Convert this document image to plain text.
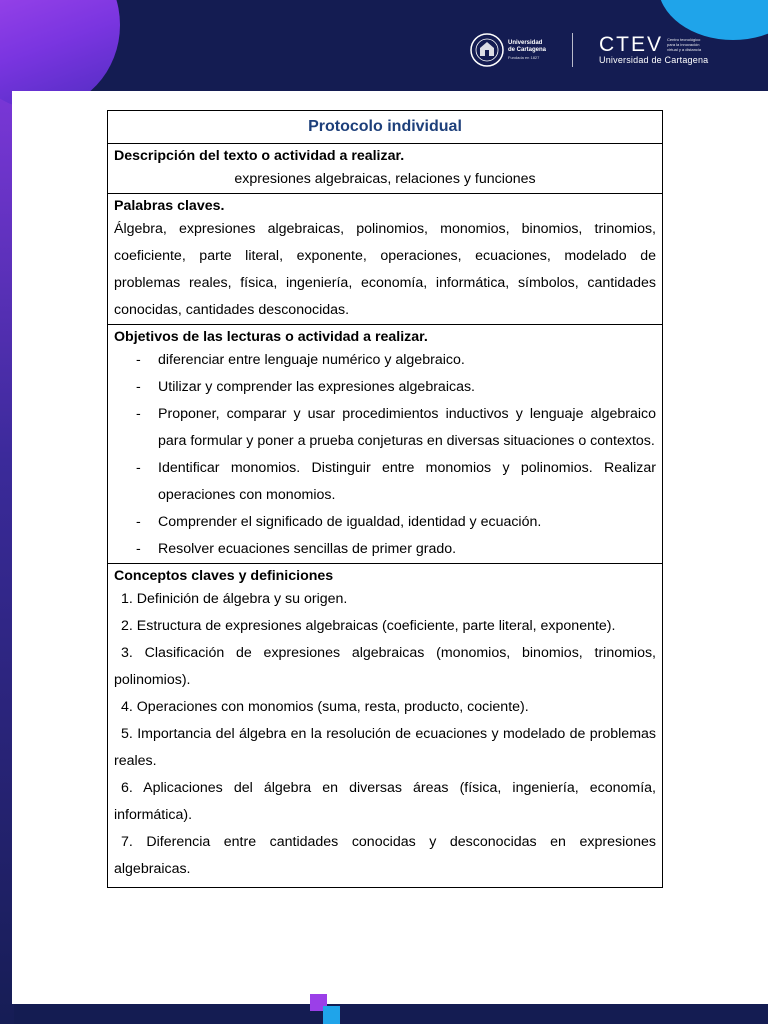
Universidad
de Cartagena
Fundada en 1827
CTEV Centro tecnológico para la innovación virtual y a distancia
Universidad de Cartagena
Protocolo individual

Descripción del texto o actividad a realizar.
expresiones algebraicas, relaciones y funciones

Palabras claves.
Álgebra, expresiones algebraicas, polinomios, monomios, binomios, trinomios, coeficiente, parte literal, exponente, operaciones, ecuaciones, modelado de problemas reales, física, ingeniería, economía, informática, símbolos, cantidades conocidas, cantidades desconocidas.

Objetivos de las lecturas o actividad a realizar.
-	diferenciar entre lenguaje numérico y algebraico.
-	Utilizar y comprender las expresiones algebraicas.
-	Proponer, comparar y usar procedimientos inductivos y lenguaje algebraico para formular y poner a prueba conjeturas en diversas situaciones o contextos.
-	Identificar monomios. Distinguir entre monomios y polinomios. Realizar operaciones con monomios.
-	Comprender el significado de igualdad, identidad y ecuación.
-	Resolver ecuaciones sencillas de primer grado.

Conceptos claves y definiciones
1. Definición de álgebra y su origen.
2. Estructura de expresiones algebraicas (coeficiente, parte literal, exponente).
3. Clasificación de expresiones algebraicas (monomios, binomios, trinomios, polinomios).
4. Operaciones con monomios (suma, resta, producto, cociente).
5. Importancia del álgebra en la resolución de ecuaciones y modelado de problemas reales.
6. Aplicaciones del álgebra en diversas áreas (física, ingeniería, economía, informática).
7. Diferencia entre cantidades conocidas y desconocidas en expresiones algebraicas.
